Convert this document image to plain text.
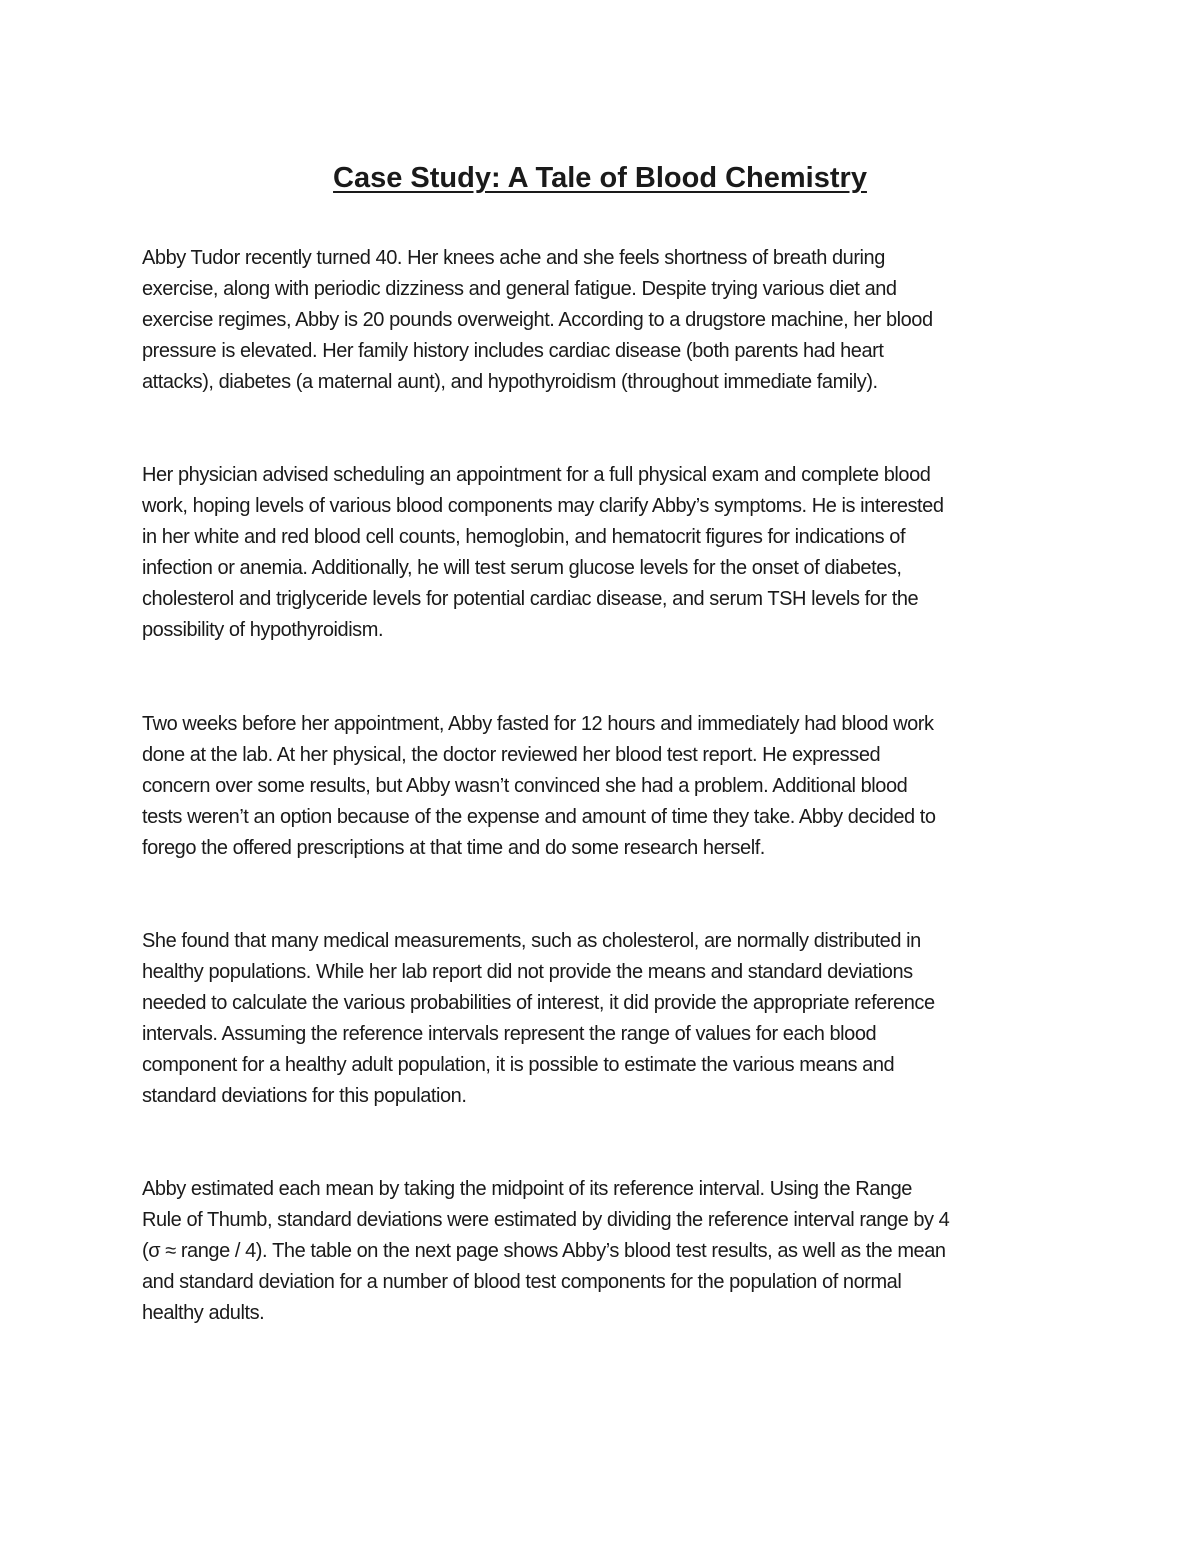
Case Study: A Tale of Blood Chemistry

Abby Tudor recently turned 40. Her knees ache and she feels shortness of breath during
exercise, along with periodic dizziness and general fatigue. Despite trying various diet and
exercise regimes, Abby is 20 pounds overweight. According to a drugstore machine, her blood
pressure is elevated. Her family history includes cardiac disease (both parents had heart
attacks), diabetes (a maternal aunt), and hypothyroidism (throughout immediate family).

Her physician advised scheduling an appointment for a full physical exam and complete blood
work, hoping levels of various blood components may clarify Abby’s symptoms. He is interested
in her white and red blood cell counts, hemoglobin, and hematocrit figures for indications of
infection or anemia. Additionally, he will test serum glucose levels for the onset of diabetes,
cholesterol and triglyceride levels for potential cardiac disease, and serum TSH levels for the
possibility of hypothyroidism.

Two weeks before her appointment, Abby fasted for 12 hours and immediately had blood work
done at the lab. At her physical, the doctor reviewed her blood test report. He expressed
concern over some results, but Abby wasn’t convinced she had a problem. Additional blood
tests weren’t an option because of the expense and amount of time they take. Abby decided to
forego the offered prescriptions at that time and do some research herself.

She found that many medical measurements, such as cholesterol, are normally distributed in
healthy populations. While her lab report did not provide the means and standard deviations
needed to calculate the various probabilities of interest, it did provide the appropriate reference
intervals. Assuming the reference intervals represent the range of values for each blood
component for a healthy adult population, it is possible to estimate the various means and
standard deviations for this population.

Abby estimated each mean by taking the midpoint of its reference interval. Using the Range
Rule of Thumb, standard deviations were estimated by dividing the reference interval range by 4
(σ ≈ range / 4). The table on the next page shows Abby’s blood test results, as well as the mean
and standard deviation for a number of blood test components for the population of normal
healthy adults.
